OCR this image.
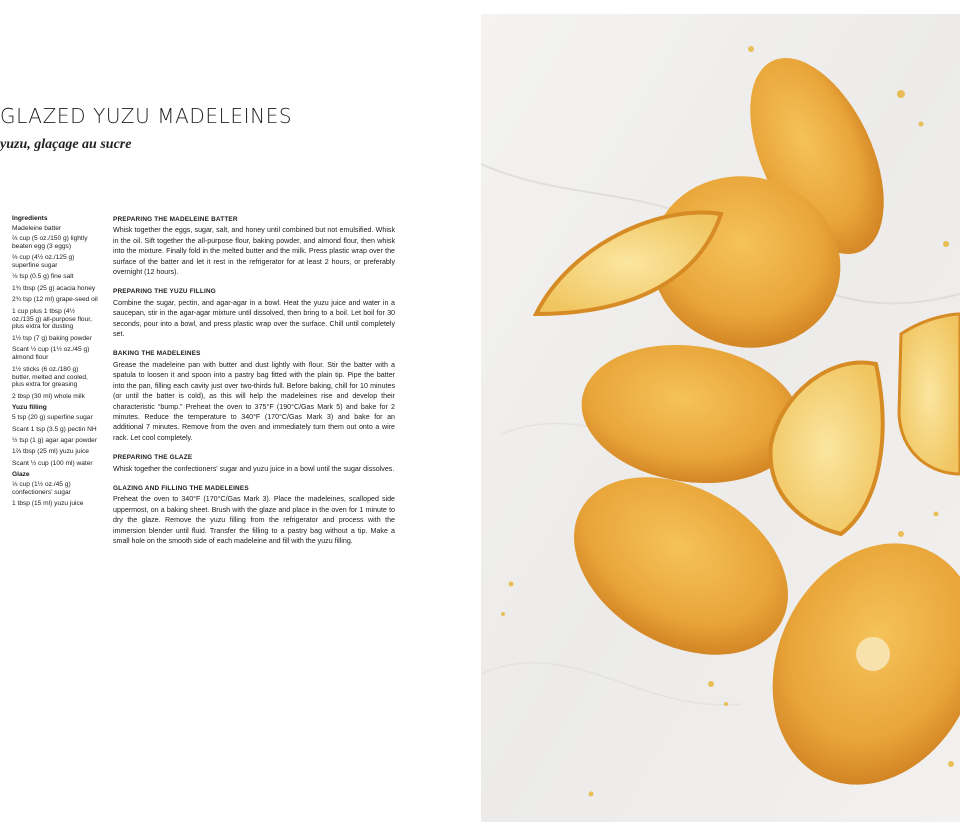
GLAZED YUZU MADELEINES
yuzu, glaçage au sucre
Ingredients
Madeleine batter
⅔ cup (5 oz./150 g) lightly beaten egg (3 eggs)
⅔ cup (4½ oz./125 g) superfine sugar
⅛ tsp (0.5 g) fine salt
1¾ tbsp (25 g) acacia honey
2¾ tsp (12 ml) grape-seed oil
1 cup plus 1 tbsp (4½ oz./135 g) all-purpose flour, plus extra for dusting
1½ tsp (7 g) baking powder
Scant ½ cup (1½ oz./45 g) almond flour
1½ sticks (6 oz./180 g) butter, melted and cooled, plus extra for greasing
2 tbsp (30 ml) whole milk
Yuzu filling
5 tsp (20 g) superfine sugar
Scant 1 tsp (3.5 g) pectin NH
½ tsp (1 g) agar agar powder
1⅔ tbsp (25 ml) yuzu juice
Scant ½ cup (100 ml) water
Glaze
⅓ cup (1½ oz./45 g) confectioners' sugar
1 tbsp (15 ml) yuzu juice
PREPARING THE MADELEINE BATTER
Whisk together the eggs, sugar, salt, and honey until combined but not emulsified. Whisk in the oil. Sift together the all-purpose flour, baking powder, and almond flour, then whisk into the mixture. Finally fold in the melted butter and the milk. Press plastic wrap over the surface of the batter and let it rest in the refrigerator for at least 2 hours, or preferably overnight (12 hours).
PREPARING THE YUZU FILLING
Combine the sugar, pectin, and agar-agar in a bowl. Heat the yuzu juice and water in a saucepan, stir in the agar-agar mixture until dissolved, then bring to a boil. Let boil for 30 seconds, pour into a bowl, and press plastic wrap over the surface. Chill until completely set.
BAKING THE MADELEINES
Grease the madeleine pan with butter and dust lightly with flour. Stir the batter with a spatula to loosen it and spoon into a pastry bag fitted with the plain tip. Pipe the batter into the pan, filling each cavity just over two-thirds full. Before baking, chill for 10 minutes (or until the batter is cold), as this will help the madeleines rise and develop their characteristic “bump.” Preheat the oven to 375°F (190°C/Gas Mark 5) and bake for 2 minutes. Reduce the temperature to 340°F (170°C/Gas Mark 3) and bake for an additional 7 minutes. Remove from the oven and immediately turn them out onto a wire rack. Let cool completely.
PREPARING THE GLAZE
Whisk together the confectioners' sugar and yuzu juice in a bowl until the sugar dissolves.
GLAZING AND FILLING THE MADELEINES
Preheat the oven to 340°F (170°C/Gas Mark 3). Place the madeleines, scalloped side uppermost, on a baking sheet. Brush with the glaze and place in the oven for 1 minute to dry the glaze. Remove the yuzu filling from the refrigerator and process with the immersion blender until fluid. Transfer the filling to a pastry bag without a tip. Make a small hole on the smooth side of each madeleine and fill with the yuzu filling.
